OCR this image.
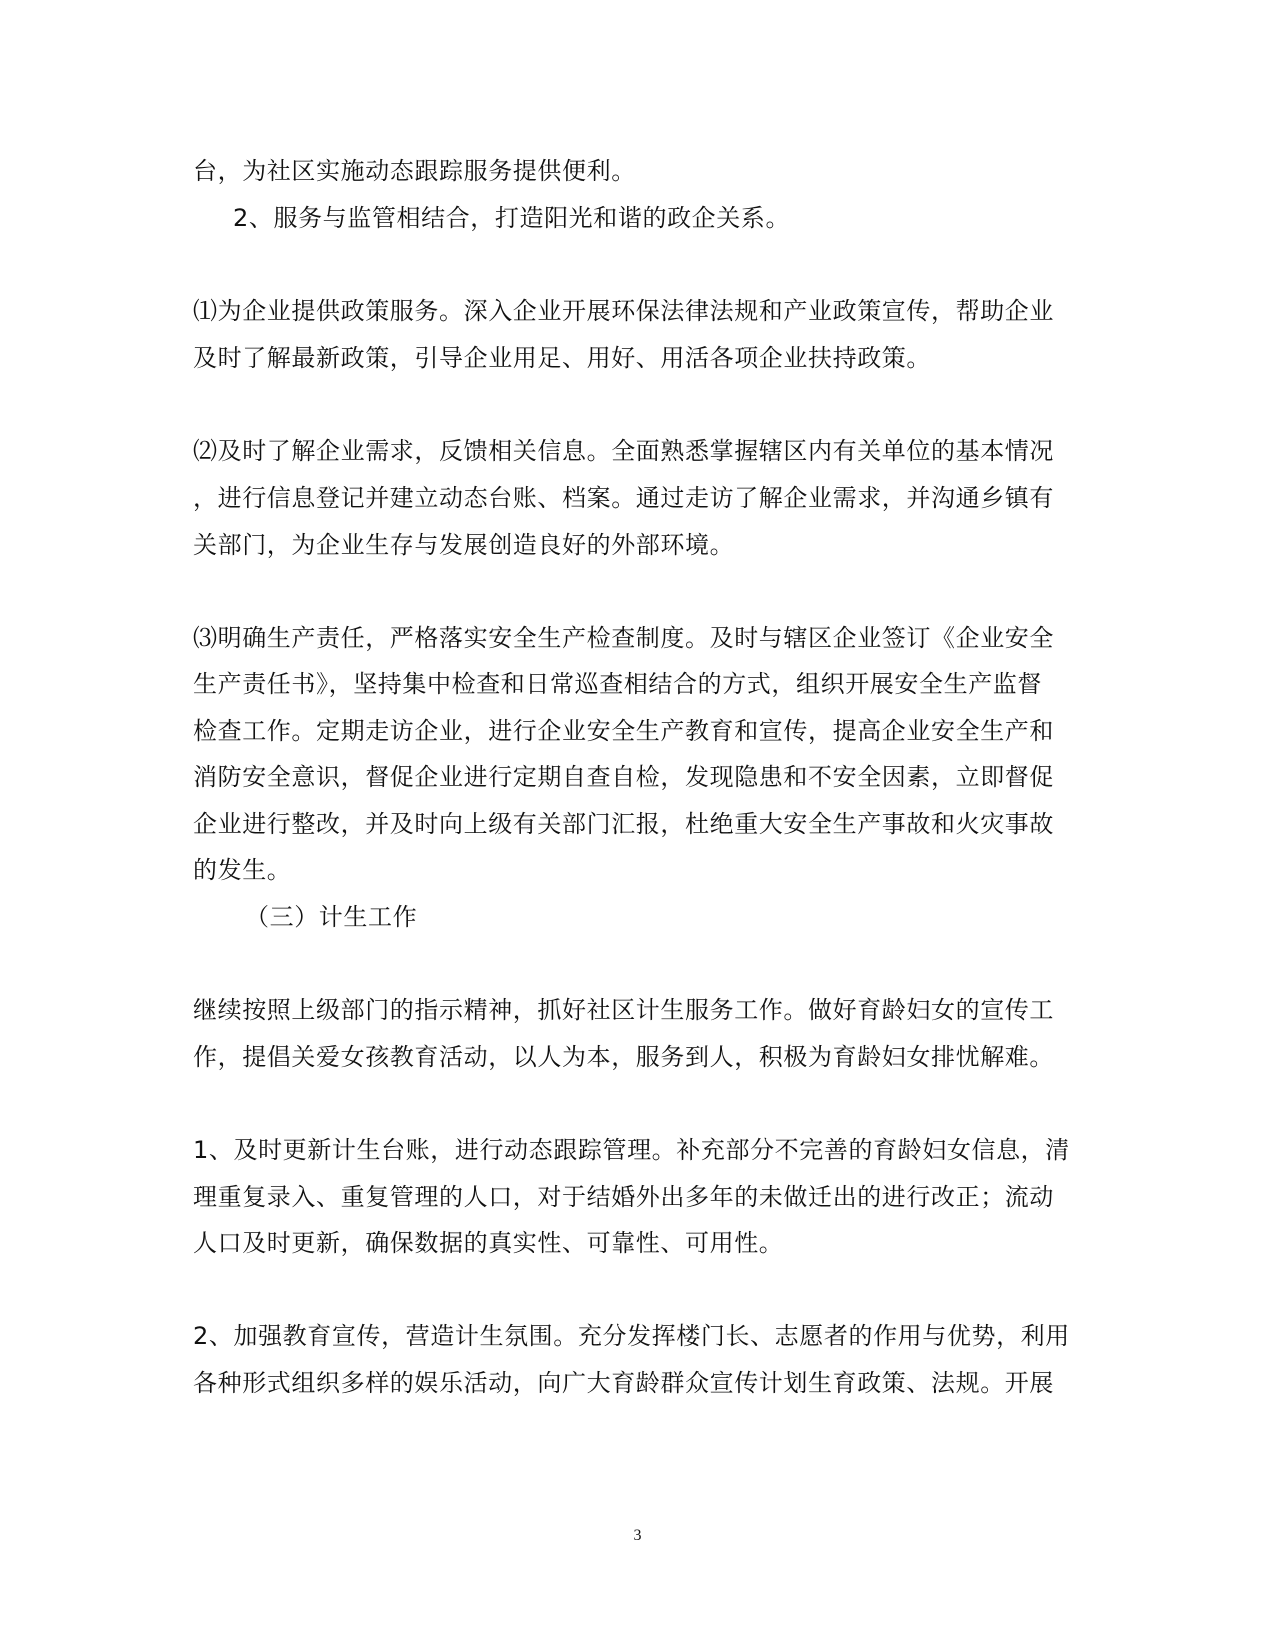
台，为社区实施动态跟踪服务提供便利。
2、服务与监管相结合，打造阳光和谐的政企关系。
⑴为企业提供政策服务。深入企业开展环保法律法规和产业政策宣传，帮助企业
及时了解最新政策，引导企业用足、用好、用活各项企业扶持政策。
⑵及时了解企业需求，反馈相关信息。全面熟悉掌握辖区内有关单位的基本情况
，进行信息登记并建立动态台账、档案。通过走访了解企业需求，并沟通乡镇有
关部门，为企业生存与发展创造良好的外部环境。
⑶明确生产责任，严格落实安全生产检查制度。及时与辖区企业签订《企业安全
生产责任书》，坚持集中检查和日常巡查相结合的方式，组织开展安全生产监督
检查工作。定期走访企业，进行企业安全生产教育和宣传，提高企业安全生产和
消防安全意识，督促企业进行定期自查自检，发现隐患和不安全因素，立即督促
企业进行整改，并及时向上级有关部门汇报，杜绝重大安全生产事故和火灾事故
的发生。
（三）计生工作
继续按照上级部门的指示精神，抓好社区计生服务工作。做好育龄妇女的宣传工
作，提倡关爱女孩教育活动，以人为本，服务到人，积极为育龄妇女排忧解难。
1、及时更新计生台账，进行动态跟踪管理。补充部分不完善的育龄妇女信息，清
理重复录入、重复管理的人口，对于结婚外出多年的未做迁出的进行改正；流动
人口及时更新，确保数据的真实性、可靠性、可用性。
2、加强教育宣传，营造计生氛围。充分发挥楼门长、志愿者的作用与优势，利用
各种形式组织多样的娱乐活动，向广大育龄群众宣传计划生育政策、法规。开展
3
